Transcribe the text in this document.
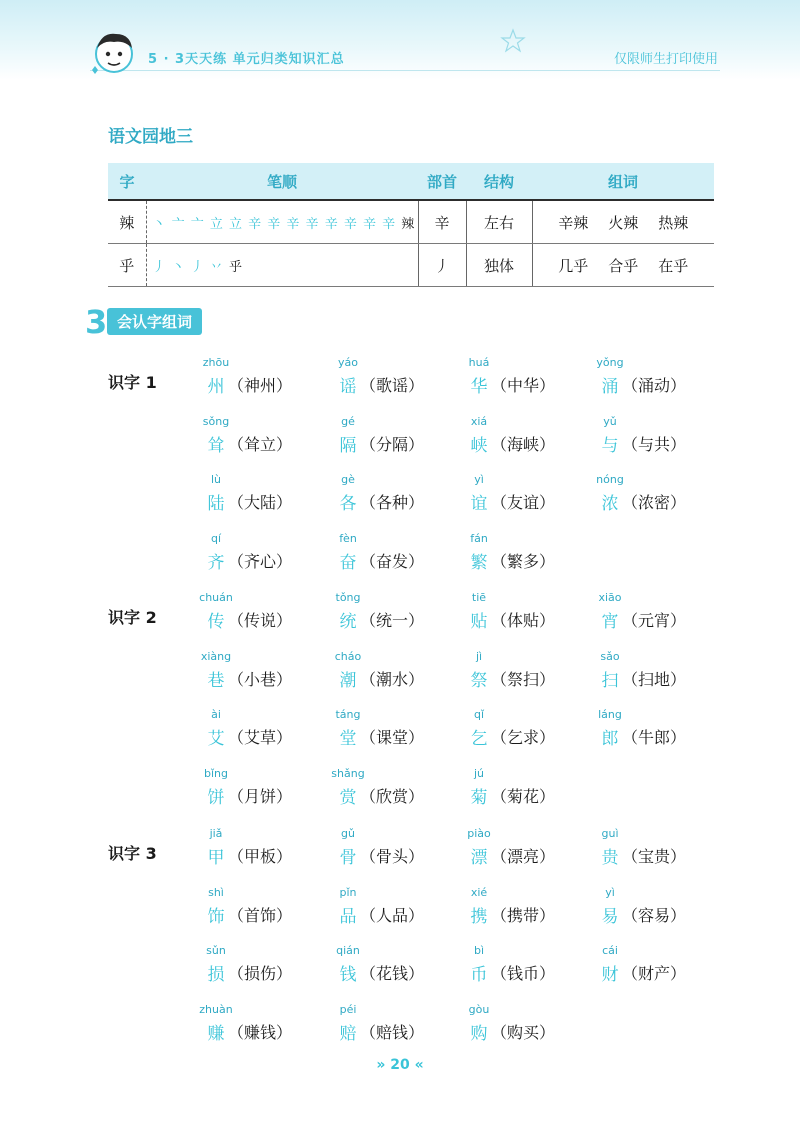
5 · 3天天练 单元归类知识汇总	仅限师生打印使用
语文园地三
字	笔顺	部首	结构	组词
辣	丶 亠 亠 立 立 辛 辛 辛 辛 辛 辛 辛 辛 辣	辛	左右	辛辣 火辣 热辣
乎	丿 丶 丿 丷 乎	丿	独体	几乎 合乎 在乎
3 会认字组词
识字 1
zhōu
州 （神州）
yáo
谣 （歌谣）
huá
华 （中华）
yǒng
涌 （涌动）
sǒng
耸 （耸立）
gé
隔 （分隔）
xiá
峡 （海峡）
yǔ
与 （与共）
lù
陆 （大陆）
gè
各 （各种）
yì
谊 （友谊）
nóng
浓 （浓密）
qí
齐 （齐心）
fèn
奋 （奋发）
fán
繁 （繁多）
识字 2
chuán
传 （传说）
tǒng
统 （统一）
tiē
贴 （体贴）
xiāo
宵 （元宵）
xiàng
巷 （小巷）
cháo
潮 （潮水）
jì
祭 （祭扫）
sǎo
扫 （扫地）
ài
艾 （艾草）
táng
堂 （课堂）
qǐ
乞 （乞求）
láng
郎 （牛郎）
bǐng
饼 （月饼）
shǎng
赏 （欣赏）
jú
菊 （菊花）
识字 3
jiǎ
甲 （甲板）
gǔ
骨 （骨头）
piào
漂 （漂亮）
guì
贵 （宝贵）
shì
饰 （首饰）
pǐn
品 （人品）
xié
携 （携带）
yì
易 （容易）
sǔn
损 （损伤）
qián
钱 （花钱）
bì
币 （钱币）
cái
财 （财产）
zhuàn
赚 （赚钱）
péi
赔 （赔钱）
gòu
购 （购买）
» 20 «
